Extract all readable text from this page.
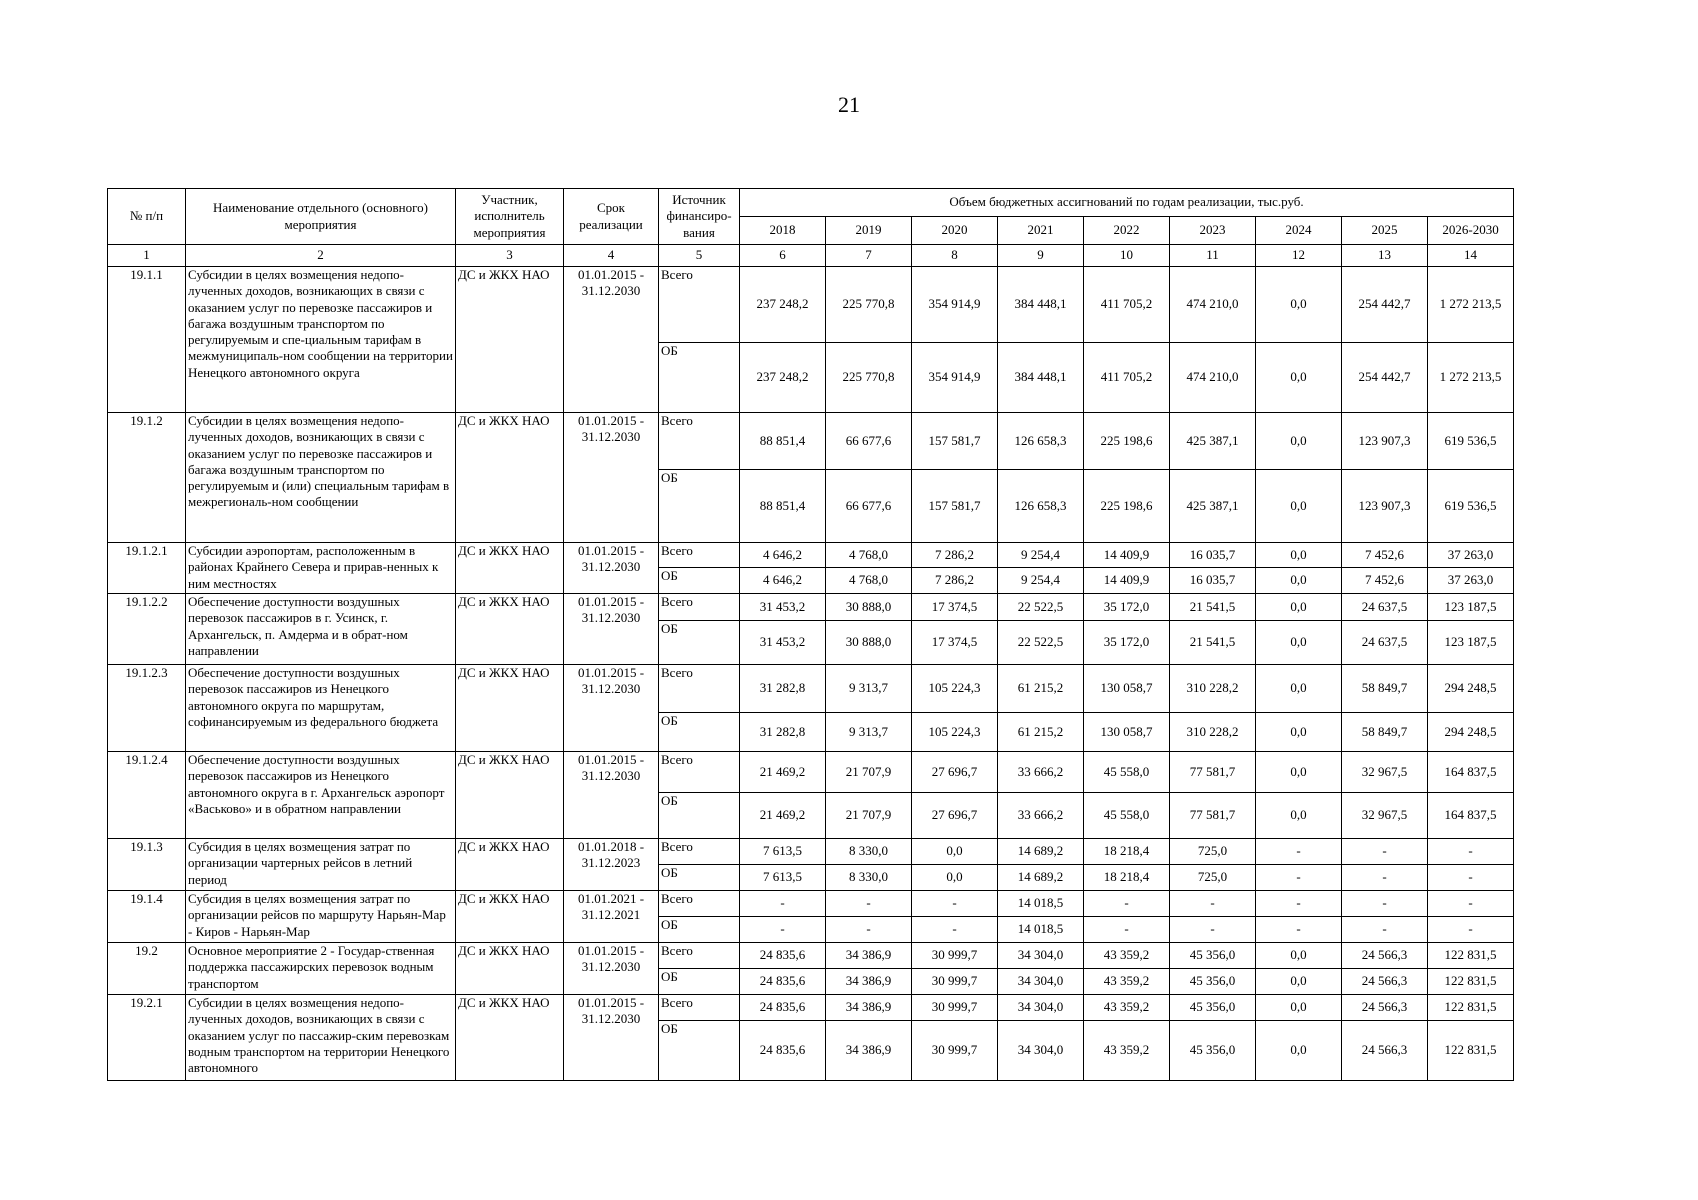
21
№ п/п	Наименование отдельного (основного) мероприятия	Участник, исполнитель мероприятия	Срок реализации	Источник финансиро-вания	Объем бюджетных ассигнований по годам реализации, тыс.руб.								
					2018	2019	2020	2021	2022	2023	2024	2025	2026-2030
1	2	3	4	5	6	7	8	9	10	11	12	13	14
19.1.1	Субсидии в целях возмещения недопо-лученных доходов, возникающих в связи с оказанием услуг по перевозке пассажиров и багажа воздушным транспортом по регулируемым и спе-циальным тарифам в межмуниципаль-ном сообщении на территории Ненецкого автономного округа	ДС и ЖКХ НАО	01.01.2015 - 31.12.2030	Всего	237 248,2	225 770,8	354 914,9	384 448,1	411 705,2	474 210,0	0,0	254 442,7	1 272 213,5
				ОБ	237 248,2	225 770,8	354 914,9	384 448,1	411 705,2	474 210,0	0,0	254 442,7	1 272 213,5
19.1.2	Субсидии в целях возмещения недопо-лученных доходов, возникающих в связи с оказанием услуг по перевозке пассажиров и багажа воздушным транспортом по регулируемым и (или) специальным тарифам в межрегиональ-ном сообщении	ДС и ЖКХ НАО	01.01.2015 - 31.12.2030	Всего	88 851,4	66 677,6	157 581,7	126 658,3	225 198,6	425 387,1	0,0	123 907,3	619 536,5
				ОБ	88 851,4	66 677,6	157 581,7	126 658,3	225 198,6	425 387,1	0,0	123 907,3	619 536,5
19.1.2.1	Субсидии аэропортам, расположенным в районах Крайнего Севера и прирав-ненных к ним местностях	ДС и ЖКХ НАО	01.01.2015 - 31.12.2030	Всего	4 646,2	4 768,0	7 286,2	9 254,4	14 409,9	16 035,7	0,0	7 452,6	37 263,0
				ОБ	4 646,2	4 768,0	7 286,2	9 254,4	14 409,9	16 035,7	0,0	7 452,6	37 263,0
19.1.2.2	Обеспечение доступности воздушных перевозок пассажиров в г. Усинск, г. Архангельск, п. Амдерма и в обрат-ном направлении	ДС и ЖКХ НАО	01.01.2015 - 31.12.2030	Всего	31 453,2	30 888,0	17 374,5	22 522,5	35 172,0	21 541,5	0,0	24 637,5	123 187,5
				ОБ	31 453,2	30 888,0	17 374,5	22 522,5	35 172,0	21 541,5	0,0	24 637,5	123 187,5
19.1.2.3	Обеспечение доступности воздушных перевозок пассажиров из Ненецкого автономного округа по маршрутам, софинансируемым из федерального бюджета	ДС и ЖКХ НАО	01.01.2015 - 31.12.2030	Всего	31 282,8	9 313,7	105 224,3	61 215,2	130 058,7	310 228,2	0,0	58 849,7	294 248,5
				ОБ	31 282,8	9 313,7	105 224,3	61 215,2	130 058,7	310 228,2	0,0	58 849,7	294 248,5
19.1.2.4	Обеспечение доступности воздушных перевозок пассажиров из Ненецкого автономного округа в г. Архангельск аэропорт «Васьково» и в обратном направлении	ДС и ЖКХ НАО	01.01.2015 - 31.12.2030	Всего	21 469,2	21 707,9	27 696,7	33 666,2	45 558,0	77 581,7	0,0	32 967,5	164 837,5
				ОБ	21 469,2	21 707,9	27 696,7	33 666,2	45 558,0	77 581,7	0,0	32 967,5	164 837,5
19.1.3	Субсидия в целях возмещения затрат по организации чартерных рейсов в летний период	ДС и ЖКХ НАО	01.01.2018 - 31.12.2023	Всего	7 613,5	8 330,0	0,0	14 689,2	18 218,4	725,0	-	-	-
				ОБ	7 613,5	8 330,0	0,0	14 689,2	18 218,4	725,0	-	-	-
19.1.4	Субсидия в целях возмещения затрат по организации рейсов по маршруту Нарьян-Мар - Киров - Нарьян-Мар	ДС и ЖКХ НАО	01.01.2021 - 31.12.2021	Всего	-	-	-	14 018,5	-	-	-	-	-
				ОБ	-	-	-	14 018,5	-	-	-	-	-
19.2	Основное мероприятие 2 - Государ-ственная поддержка пассажирских перевозок водным транспортом	ДС и ЖКХ НАО	01.01.2015 - 31.12.2030	Всего	24 835,6	34 386,9	30 999,7	34 304,0	43 359,2	45 356,0	0,0	24 566,3	122 831,5
				ОБ	24 835,6	34 386,9	30 999,7	34 304,0	43 359,2	45 356,0	0,0	24 566,3	122 831,5
19.2.1	Субсидии в целях возмещения недопо-лученных доходов, возникающих в связи с оказанием услуг по пассажир-ским перевозкам водным транспортом на территории Ненецкого автономного	ДС и ЖКХ НАО	01.01.2015 - 31.12.2030	Всего	24 835,6	34 386,9	30 999,7	34 304,0	43 359,2	45 356,0	0,0	24 566,3	122 831,5
				ОБ	24 835,6	34 386,9	30 999,7	34 304,0	43 359,2	45 356,0	0,0	24 566,3	122 831,5
